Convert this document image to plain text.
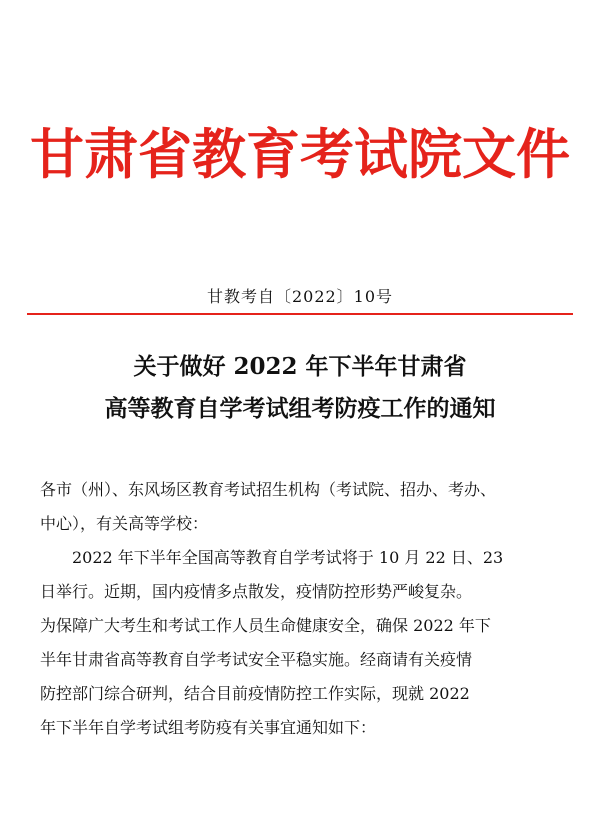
甘肃省教育考试院文件
甘教考自〔2022〕10号
关于做好 2022 年下半年甘肃省
高等教育自学考试组考防疫工作的通知
各市（州）、东风场区教育考试招生机构（考试院、招办、考办、
中心），有关高等学校：
2022 年下半年全国高等教育自学考试将于 10 月 22 日、23
日举行。近期，国内疫情多点散发，疫情防控形势严峻复杂。
为保障广大考生和考试工作人员生命健康安全，确保 2022 年下
半年甘肃省高等教育自学考试安全平稳实施。经商请有关疫情
防控部门综合研判，结合目前疫情防控工作实际，现就 2022
年下半年自学考试组考防疫有关事宜通知如下：
